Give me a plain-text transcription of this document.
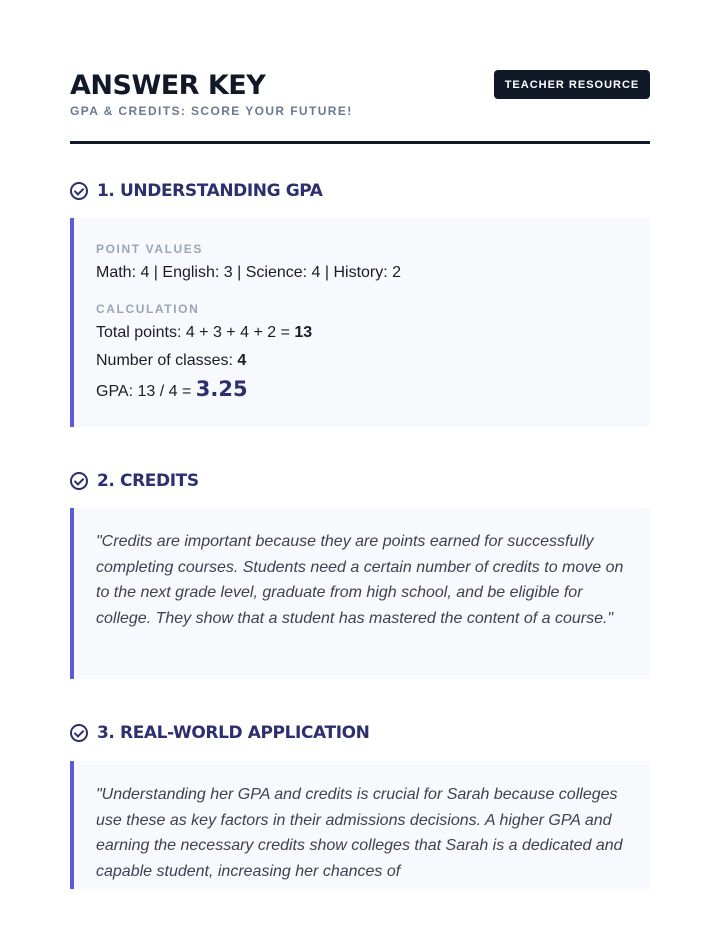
ANSWER KEY
GPA & CREDITS: SCORE YOUR FUTURE!
TEACHER RESOURCE
1. UNDERSTANDING GPA
POINT VALUES
Math: 4 | English: 3 | Science: 4 | History: 2
CALCULATION
Total points: 4 + 3 + 4 + 2 = 13
Number of classes: 4
GPA: 13 / 4 = 3.25
2. CREDITS
"Credits are important because they are points earned for successfully completing courses. Students need a certain number of credits to move on to the next grade level, graduate from high school, and be eligible for college. They show that a student has mastered the content of a course."
3. REAL-WORLD APPLICATION
"Understanding her GPA and credits is crucial for Sarah because colleges use these as key factors in their admissions decisions. A higher GPA and earning the necessary credits show colleges that Sarah is a dedicated and capable student, increasing her chances of
